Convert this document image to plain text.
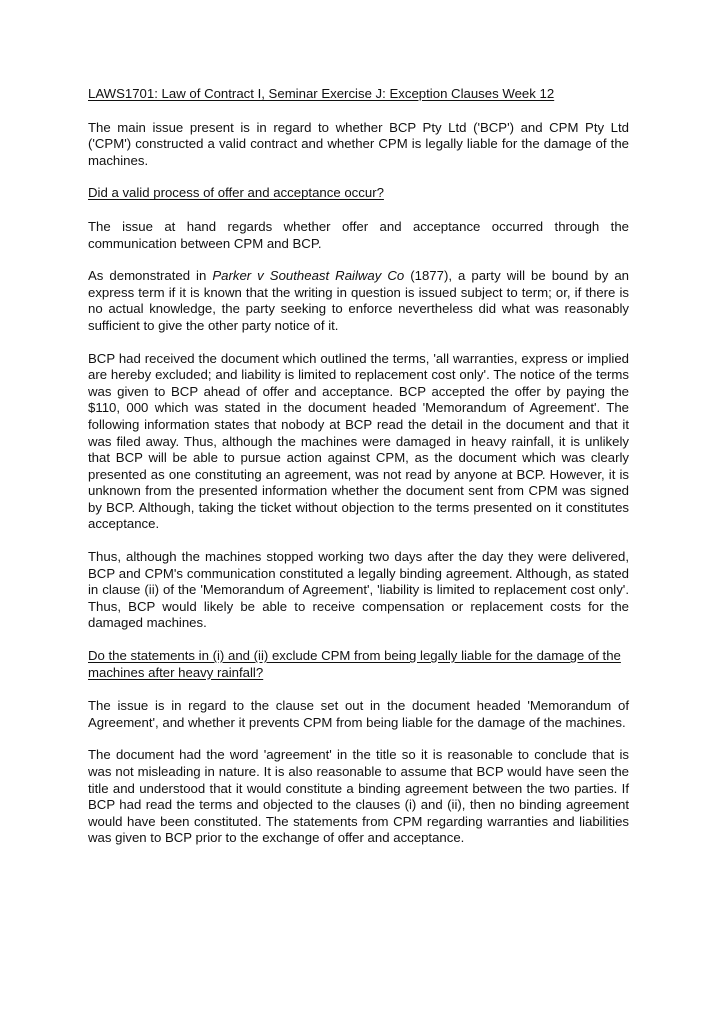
LAWS1701: Law of Contract I, Seminar Exercise J: Exception Clauses Week 12

The main issue present is in regard to whether BCP Pty Ltd ('BCP') and CPM Pty Ltd ('CPM') constructed a valid contract and whether CPM is legally liable for the damage of the machines.

Did a valid process of offer and acceptance occur?

The issue at hand regards whether offer and acceptance occurred through the communication between CPM and BCP.

As demonstrated in Parker v Southeast Railway Co (1877), a party will be bound by an express term if it is known that the writing in question is issued subject to term; or, if there is no actual knowledge, the party seeking to enforce nevertheless did what was reasonably sufficient to give the other party notice of it.

BCP had received the document which outlined the terms, 'all warranties, express or implied are hereby excluded; and liability is limited to replacement cost only'. The notice of the terms was given to BCP ahead of offer and acceptance. BCP accepted the offer by paying the $110, 000 which was stated in the document headed 'Memorandum of Agreement'. The following information states that nobody at BCP read the detail in the document and that it was filed away. Thus, although the machines were damaged in heavy rainfall, it is unlikely that BCP will be able to pursue action against CPM, as the document which was clearly presented as one constituting an agreement, was not read by anyone at BCP. However, it is unknown from the presented information whether the document sent from CPM was signed by BCP. Although, taking the ticket without objection to the terms presented on it constitutes acceptance.

Thus, although the machines stopped working two days after the day they were delivered, BCP and CPM's communication constituted a legally binding agreement. Although, as stated in clause (ii) of the 'Memorandum of Agreement', 'liability is limited to replacement cost only'. Thus, BCP would likely be able to receive compensation or replacement costs for the damaged machines.

Do the statements in (i) and (ii) exclude CPM from being legally liable for the damage of the machines after heavy rainfall?

The issue is in regard to the clause set out in the document headed 'Memorandum of Agreement', and whether it prevents CPM from being liable for the damage of the machines.

The document had the word 'agreement' in the title so it is reasonable to conclude that is was not misleading in nature. It is also reasonable to assume that BCP would have seen the title and understood that it would constitute a binding agreement between the two parties. If BCP had read the terms and objected to the clauses (i) and (ii), then no binding agreement would have been constituted. The statements from CPM regarding warranties and liabilities was given to BCP prior to the exchange of offer and acceptance.
